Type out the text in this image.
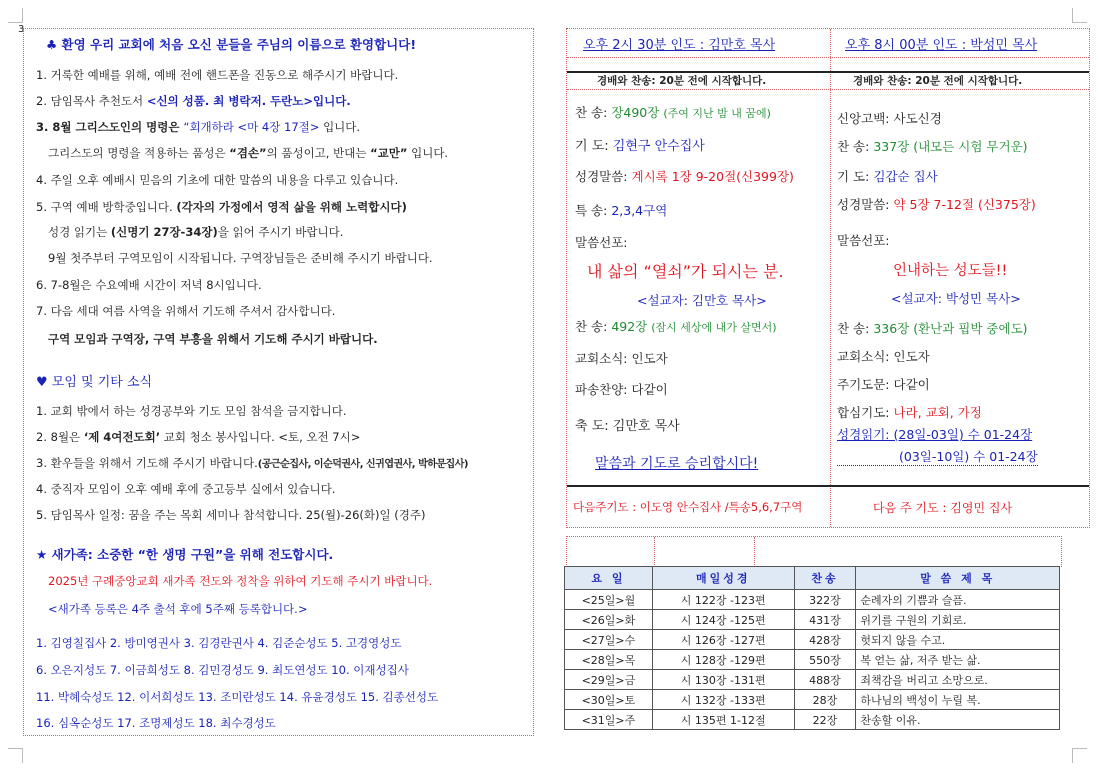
3
♣ 환영 우리 교회에 처음 오신 분들을 주님의 이름으로 환영합니다!
1. 거룩한 예배를 위해, 예배 전에 핸드폰을 진동으로 해주시기 바랍니다.
2. 담임목사 추천도서 <신의 성품. 최 병락저. 두란노>입니다.
3. 8월 그리스도인의 명령은 “회개하라 <마 4장 17절> 입니다.
그리스도의 명령을 적용하는 품성은 “겸손”의 품성이고, 반대는 “교만” 입니다.
4. 주일 오후 예배시 믿음의 기초에 대한 말씀의 내용을 다루고 있습니다.
5. 구역 예배 방학중입니다. (각자의 가정에서 영적 삶을 위해 노력합시다)
성경 읽기는 (신명기 27장-34장)을 읽어 주시기 바랍니다.
9월 첫주부터 구역모임이 시작됩니다. 구역장님들은 준비해 주시기 바랍니다.
6. 7-8월은 수요예배 시간이 저녁 8시입니다.
7. 다음 세대 여름 사역을 위해서 기도해 주셔서 감사합니다.
구역 모임과 구역장, 구역 부흥을 위해서 기도해 주시기 바랍니다.
♥ 모임 및 기타 소식
1. 교회 밖에서 하는 성경공부와 기도 모임 참석을 금지합니다.
2. 8월은 ‘제 4여전도회’ 교회 청소 봉사입니다. <토, 오전 7시>
3. 환우들을 위해서 기도해 주시기 바랍니다.(공근순집사, 이순덕권사, 신귀엽권사, 박하문집사)
4. 중직자 모임이 오후 예배 후에 중고등부 실에서 있습니다.
5. 담임목사 일정: 꿈을 주는 목회 세미나 참석합니다. 25(월)-26(화)일 (경주)
★ 새가족: 소중한 “한 생명 구원”을 위해 전도합시다.
2025년 구례중앙교회 새가족 전도와 정착을 위하여 기도해 주시기 바랍니다.
<새가족 등록은 4주 출석 후에 5주째 등록합니다.>
1. 김영칠집사 2. 방미영권사 3. 김경란권사 4. 김준순성도 5. 고경영성도
6. 오은지성도 7. 이금희성도 8. 김민경성도 9. 최도연성도 10. 이재성집사
11. 박혜숙성도 12. 이서희성도 13. 조미란성도 14. 유윤경성도 15. 김종선성도
16. 심옥순성도 17. 조명제성도 18. 최수경성도
오후 2시 30분 인도 : 김만호 목사
경배와 찬송: 20분 전에 시작합니다.
찬 송: 장490장 (주여 지난 밤 내 꿈에)
기 도: 김현구 안수집사
성경말씀: 계시록 1장 9-20절(신399장)
특 송: 2,3,4구역
말씀선포:
내 삶의 “열쇠”가 되시는 분.
<설교자: 김만호 목사>
찬 송: 492장 (잠시 세상에 내가 살면서)
교회소식: 인도자
파송찬양: 다같이
축 도: 김만호 목사
말씀과 기도로 승리합시다!
다음주기도 : 이도영 안수집사 /특송5,6,7구역
오후 8시 00분 인도 : 박성민 목사
경배와 찬송: 20분 전에 시작합니다.
신앙고백: 사도신경
찬 송: 337장 (내모든 시험 무거운)
기 도: 김갑순 집사
성경말씀: 약 5장 7-12절 (신375장)
말씀선포:
인내하는 성도들!!
<설교자: 박성민 목사>
찬 송: 336장 (환난과 핍박 중에도)
교회소식: 인도자
주기도문: 다같이
합심기도: 나라, 교회, 가정
성경읽기: (28일-03일) 수 01-24장
(03일-10일) 수 01-24장
다음 주 기도 : 김영민 집사
요 일	매일성경	찬송	말 씀 제 목
<25일>월	시 122장 -123편	322장	순례자의 기쁨과 슬픔.
<26일>화	시 124장 -125편	431장	위기를 구원의 기회로.
<27일>수	시 126장 -127편	428장	헛되지 않을 수고.
<28일>목	시 128장 -129편	550장	복 얻는 삶, 저주 받는 삶.
<29일>금	시 130장 -131편	488장	죄책감을 버리고 소망으로.
<30일>토	시 132장 -133편	28장	하나님의 백성이 누릴 복.
<31일>주	시 135편 1-12절	22장	찬송할 이유.
